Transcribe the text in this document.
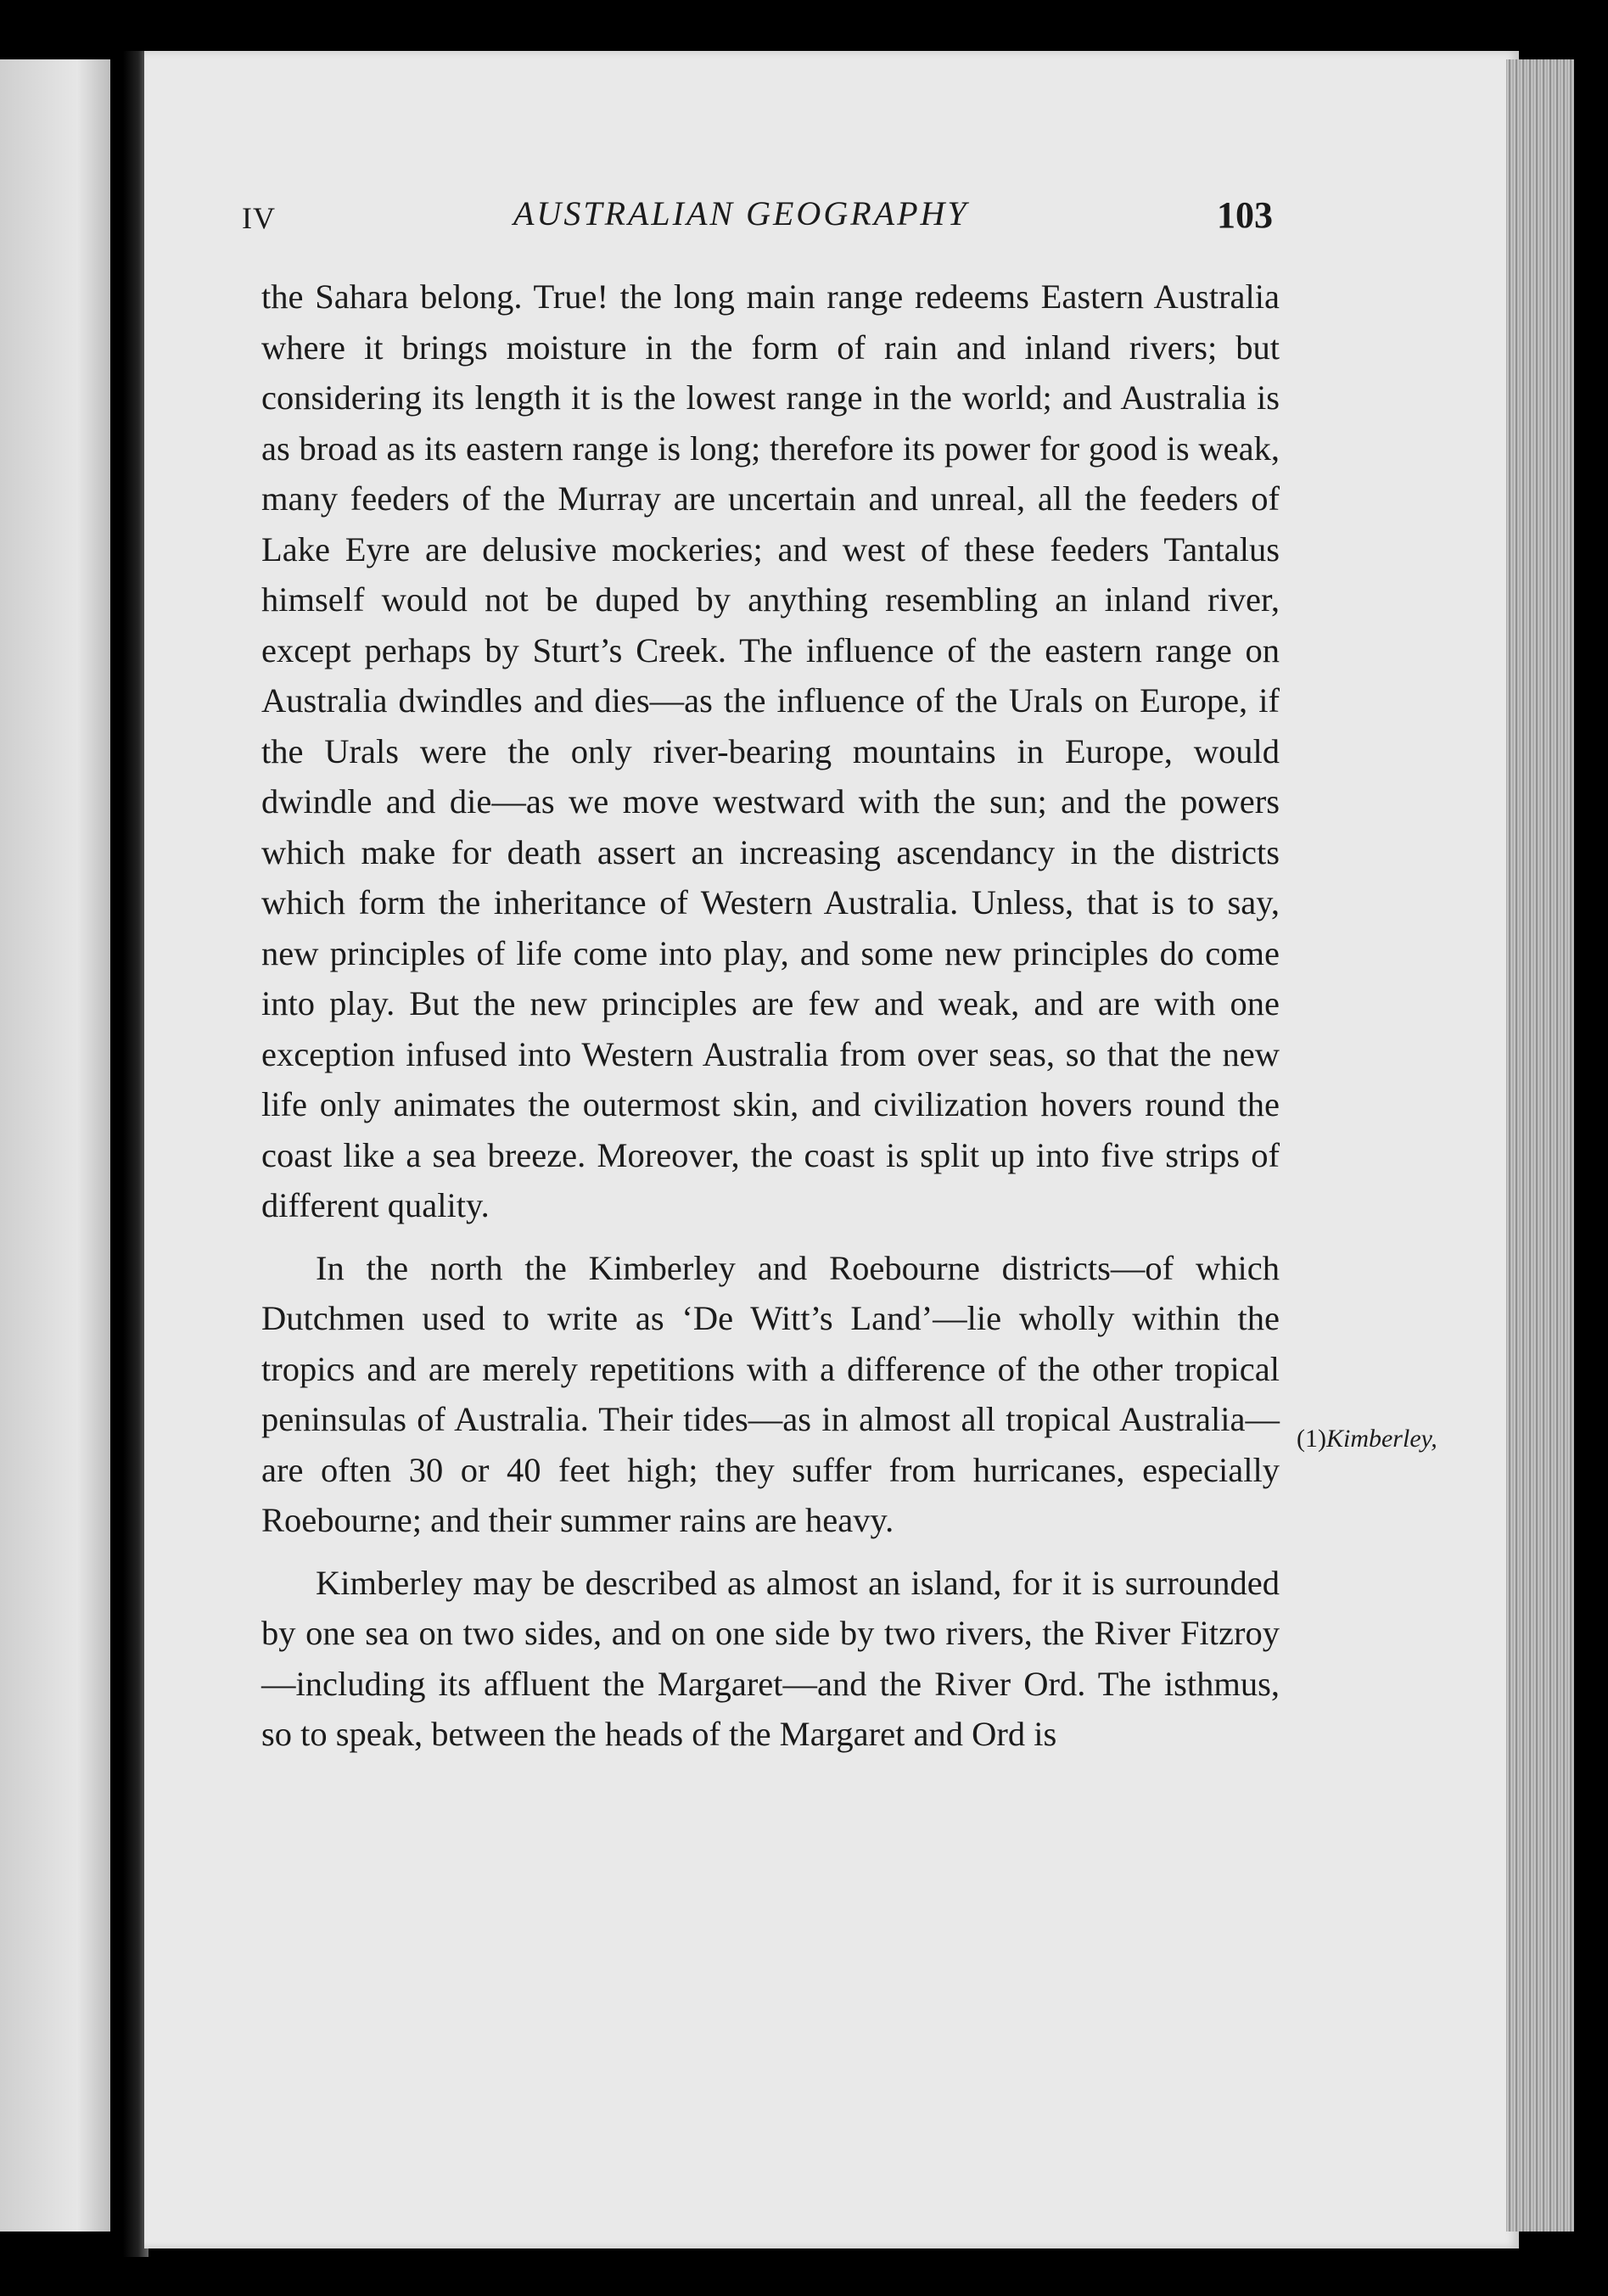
IV	AUSTRALIAN GEOGRAPHY	103

the Sahara belong. True! the long main range redeems Eastern Australia where it brings moisture in the form of rain and inland rivers; but considering its length it is the lowest range in the world; and Australia is as broad as its eastern range is long; therefore its power for good is weak, many feeders of the Murray are uncertain and unreal, all the feeders of Lake Eyre are delusive mockeries; and west of these feeders Tantalus himself would not be duped by anything resembling an inland river, except perhaps by Sturt’s Creek. The influence of the eastern range on Australia dwindles and dies—as the influence of the Urals on Europe, if the Urals were the only river-bearing mountains in Europe, would dwindle and die—as we move westward with the sun; and the powers which make for death assert an increasing ascendancy in the districts which form the inheritance of Western Australia. Unless, that is to say, new principles of life come into play, and some new principles do come into play. But the new principles are few and weak, and are with one exception infused into Western Australia from over seas, so that the new life only animates the outermost skin, and civilization hovers round the coast like a sea breeze. Moreover, the coast is split up into five strips of different quality.

In the north the Kimberley and Roebourne districts—of which Dutchmen used to write as ‘De Witt’s Land’—lie wholly within the tropics and are merely repetitions with a difference of the other tropical peninsulas of Australia. Their tides—as in almost all tropical Australia—are often 30 or 40 feet high; they suffer from hurricanes, especially Roebourne; and their summer rains are heavy.

Kimberley may be described as almost an island, for it is surrounded by one sea on two sides, and on one side by two rivers, the River Fitzroy—including its affluent the Margaret—and the River Ord. The isthmus, so to speak, between the heads of the Margaret and Ord is

(1)Kimberley,
